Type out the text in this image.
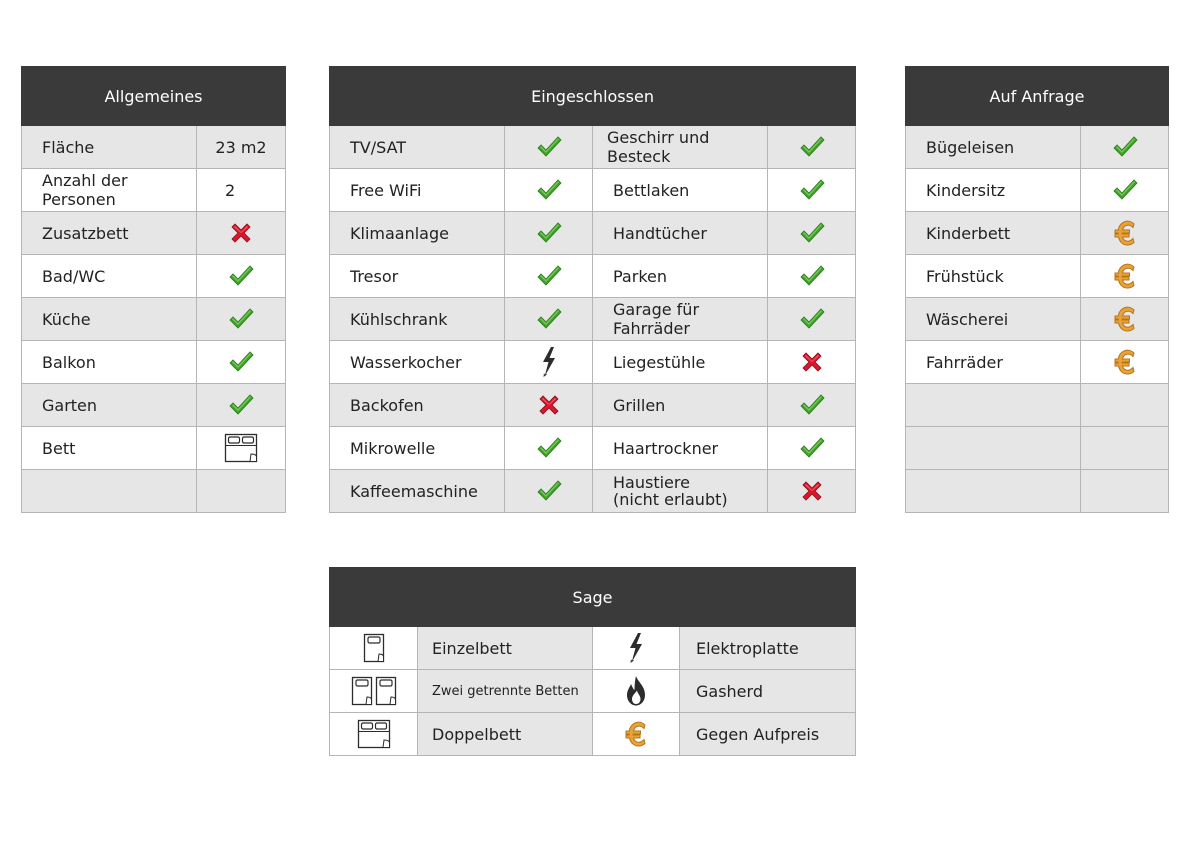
Allgemeines	
Fläche	23 m2
Anzahl der Personen	2
Zusatzbett	
Bad/WC	
Küche	
Balkon	
Garten	
Bett	

Eingeschlossen			
TV/SAT		Geschirr und Besteck	
Free WiFi		Bettlaken	
Klimaanlage		Handtücher	
Tresor		Parken	
Kühlschrank		Garage für Fahrräder	
Wasserkocher		Liegestühle	
Backofen		Grillen	
Mikrowelle		Haartrockner	
Kaffeemaschine		Haustiere
(nicht erlaubt)

Auf Anfrage	
Bügeleisen	
Kindersitz	
Kinderbett	
Frühstück	
Wäscherei	
Fahrräder	

Sage			
	Einzelbett		Elektroplatte
	Zwei getrennte Betten		Gasherd
	Doppelbett		Gegen Aufpreis
